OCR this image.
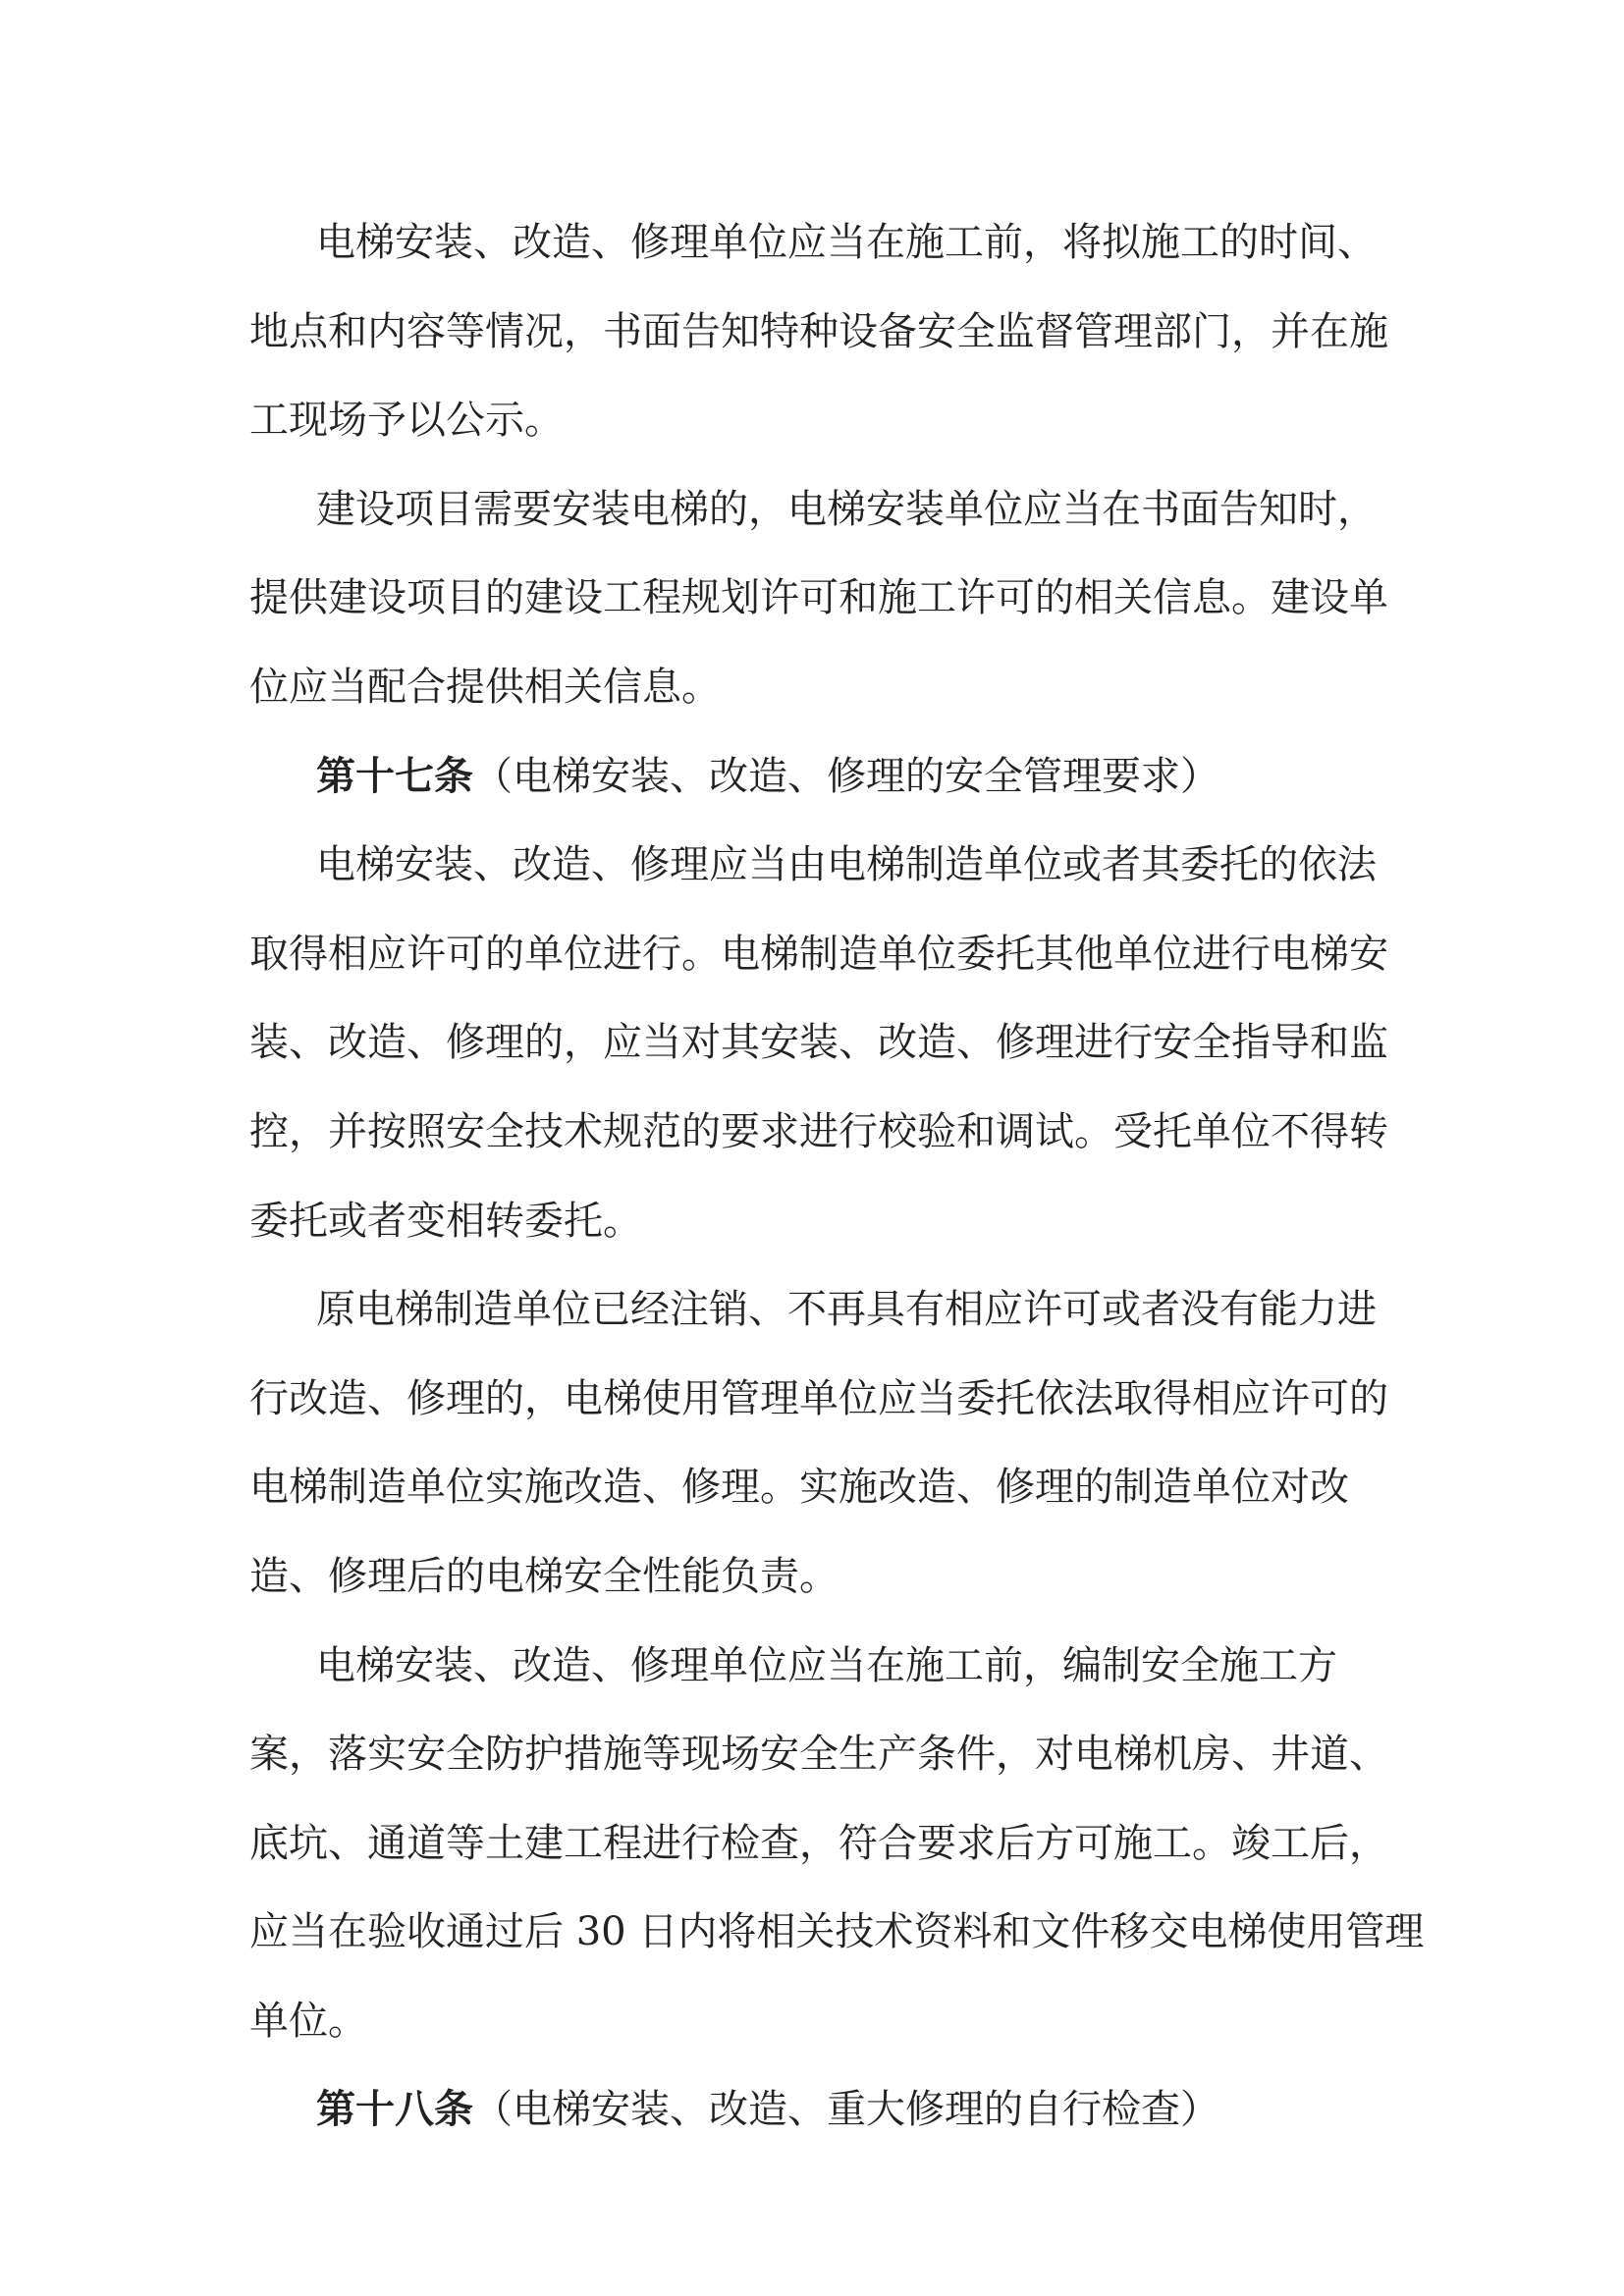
电梯安装、改造、修理单位应当在施工前，将拟施工的时间、
地点和内容等情况，书面告知特种设备安全监督管理部门，并在施
工现场予以公示。
建设项目需要安装电梯的，电梯安装单位应当在书面告知时，
提供建设项目的建设工程规划许可和施工许可的相关信息。建设单
位应当配合提供相关信息。
第十七条（电梯安装、改造、修理的安全管理要求）
电梯安装、改造、修理应当由电梯制造单位或者其委托的依法
取得相应许可的单位进行。电梯制造单位委托其他单位进行电梯安
装、改造、修理的，应当对其安装、改造、修理进行安全指导和监
控，并按照安全技术规范的要求进行校验和调试。受托单位不得转
委托或者变相转委托。
原电梯制造单位已经注销、不再具有相应许可或者没有能力进
行改造、修理的，电梯使用管理单位应当委托依法取得相应许可的
电梯制造单位实施改造、修理。实施改造、修理的制造单位对改
造、修理后的电梯安全性能负责。
电梯安装、改造、修理单位应当在施工前，编制安全施工方
案，落实安全防护措施等现场安全生产条件，对电梯机房、井道、
底坑、通道等土建工程进行检查，符合要求后方可施工。竣工后，
应当在验收通过后 30 日内将相关技术资料和文件移交电梯使用管理
单位。
第十八条（电梯安装、改造、重大修理的自行检查）
